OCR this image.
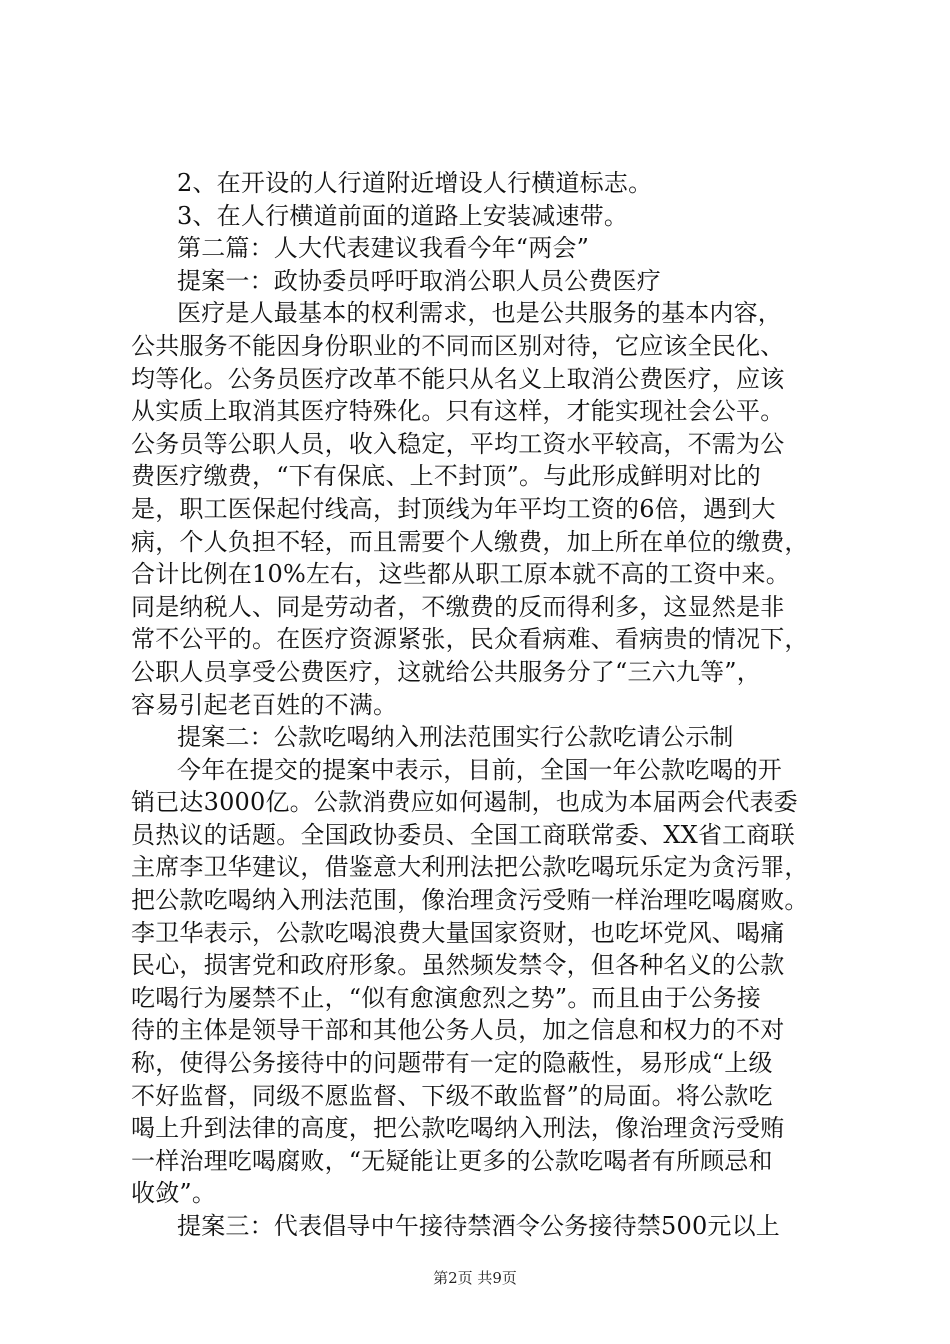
2、在开设的人行道附近增设人行横道标志。
3、在人行横道前面的道路上安装减速带。
第二篇：人大代表建议我看今年“两会”
提案一：政协委员呼吁取消公职人员公费医疗
医疗是人最基本的权利需求，也是公共服务的基本内容，
公共服务不能因身份职业的不同而区别对待，它应该全民化、
均等化。公务员医疗改革不能只从名义上取消公费医疗，应该
从实质上取消其医疗特殊化。只有这样，才能实现社会公平。
公务员等公职人员，收入稳定，平均工资水平较高，不需为公
费医疗缴费，“下有保底、上不封顶”。与此形成鲜明对比的
是，职工医保起付线高，封顶线为年平均工资的6倍，遇到大
病，个人负担不轻，而且需要个人缴费，加上所在单位的缴费，
合计比例在10%左右，这些都从职工原本就不高的工资中来。
同是纳税人、同是劳动者，不缴费的反而得利多，这显然是非
常不公平的。在医疗资源紧张，民众看病难、看病贵的情况下，
公职人员享受公费医疗，这就给公共服务分了“三六九等”，
容易引起老百姓的不满。
提案二：公款吃喝纳入刑法范围实行公款吃请公示制
今年在提交的提案中表示，目前，全国一年公款吃喝的开
销已达3000亿。公款消费应如何遏制，也成为本届两会代表委
员热议的话题。全国政协委员、全国工商联常委、XX省工商联
主席李卫华建议，借鉴意大利刑法把公款吃喝玩乐定为贪污罪，
把公款吃喝纳入刑法范围，像治理贪污受贿一样治理吃喝腐败。
李卫华表示，公款吃喝浪费大量国家资财，也吃坏党风、喝痛
民心，损害党和政府形象。虽然频发禁令，但各种名义的公款
吃喝行为屡禁不止，“似有愈演愈烈之势”。而且由于公务接
待的主体是领导干部和其他公务人员，加之信息和权力的不对
称，使得公务接待中的问题带有一定的隐蔽性，易形成“上级
不好监督，同级不愿监督、下级不敢监督”的局面。将公款吃
喝上升到法律的高度，把公款吃喝纳入刑法，像治理贪污受贿
一样治理吃喝腐败，“无疑能让更多的公款吃喝者有所顾忌和
收敛”。
提案三：代表倡导中午接待禁酒令公务接待禁500元以上
第2页 共9页
